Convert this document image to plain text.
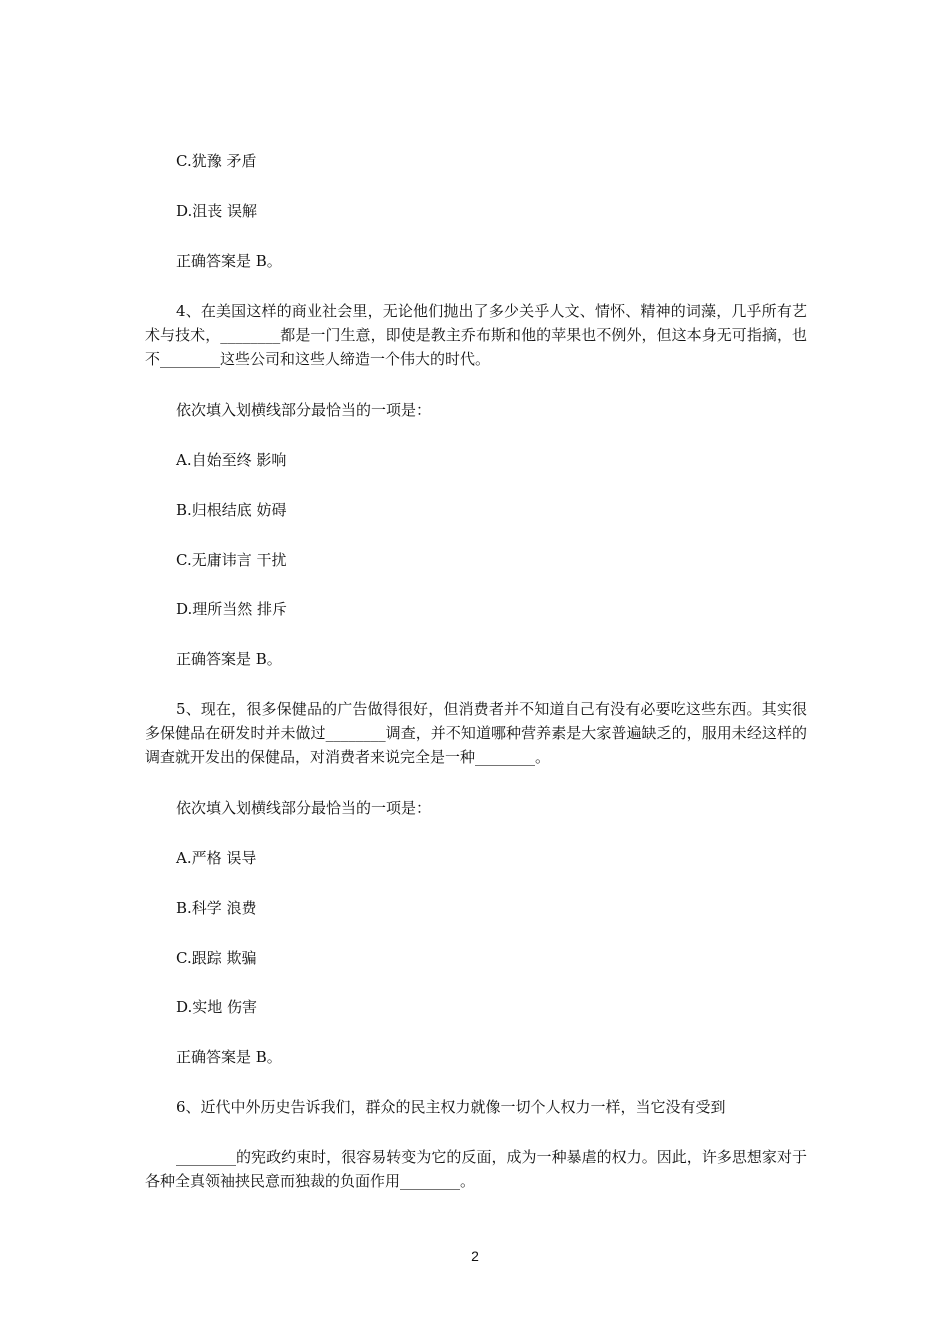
C.犹豫 矛盾

D.沮丧 误解

正确答案是 B。

4、在美国这样的商业社会里，无论他们抛出了多少关乎人文、情怀、精神的词藻，几乎所有艺术与技术，________都是一门生意，即使是教主乔布斯和他的苹果也不例外，但这本身无可指摘，也不________这些公司和这些人缔造一个伟大的时代。

依次填入划横线部分最恰当的一项是：

A.自始至终 影响

B.归根结底 妨碍

C.无庸讳言 干扰

D.理所当然 排斥

正确答案是 B。

5、现在，很多保健品的广告做得很好，但消费者并不知道自己有没有必要吃这些东西。其实很多保健品在研发时并未做过________调查，并不知道哪种营养素是大家普遍缺乏的，服用未经这样的调查就开发出的保健品，对消费者来说完全是一种________。

依次填入划横线部分最恰当的一项是：

A.严格 误导

B.科学 浪费

C.跟踪 欺骗

D.实地 伤害

正确答案是 B。

6、近代中外历史告诉我们，群众的民主权力就像一切个人权力一样，当它没有受到

________的宪政约束时，很容易转变为它的反面，成为一种暴虐的权力。因此，许多思想家对于各种全真领袖挟民意而独裁的负面作用________。

2
